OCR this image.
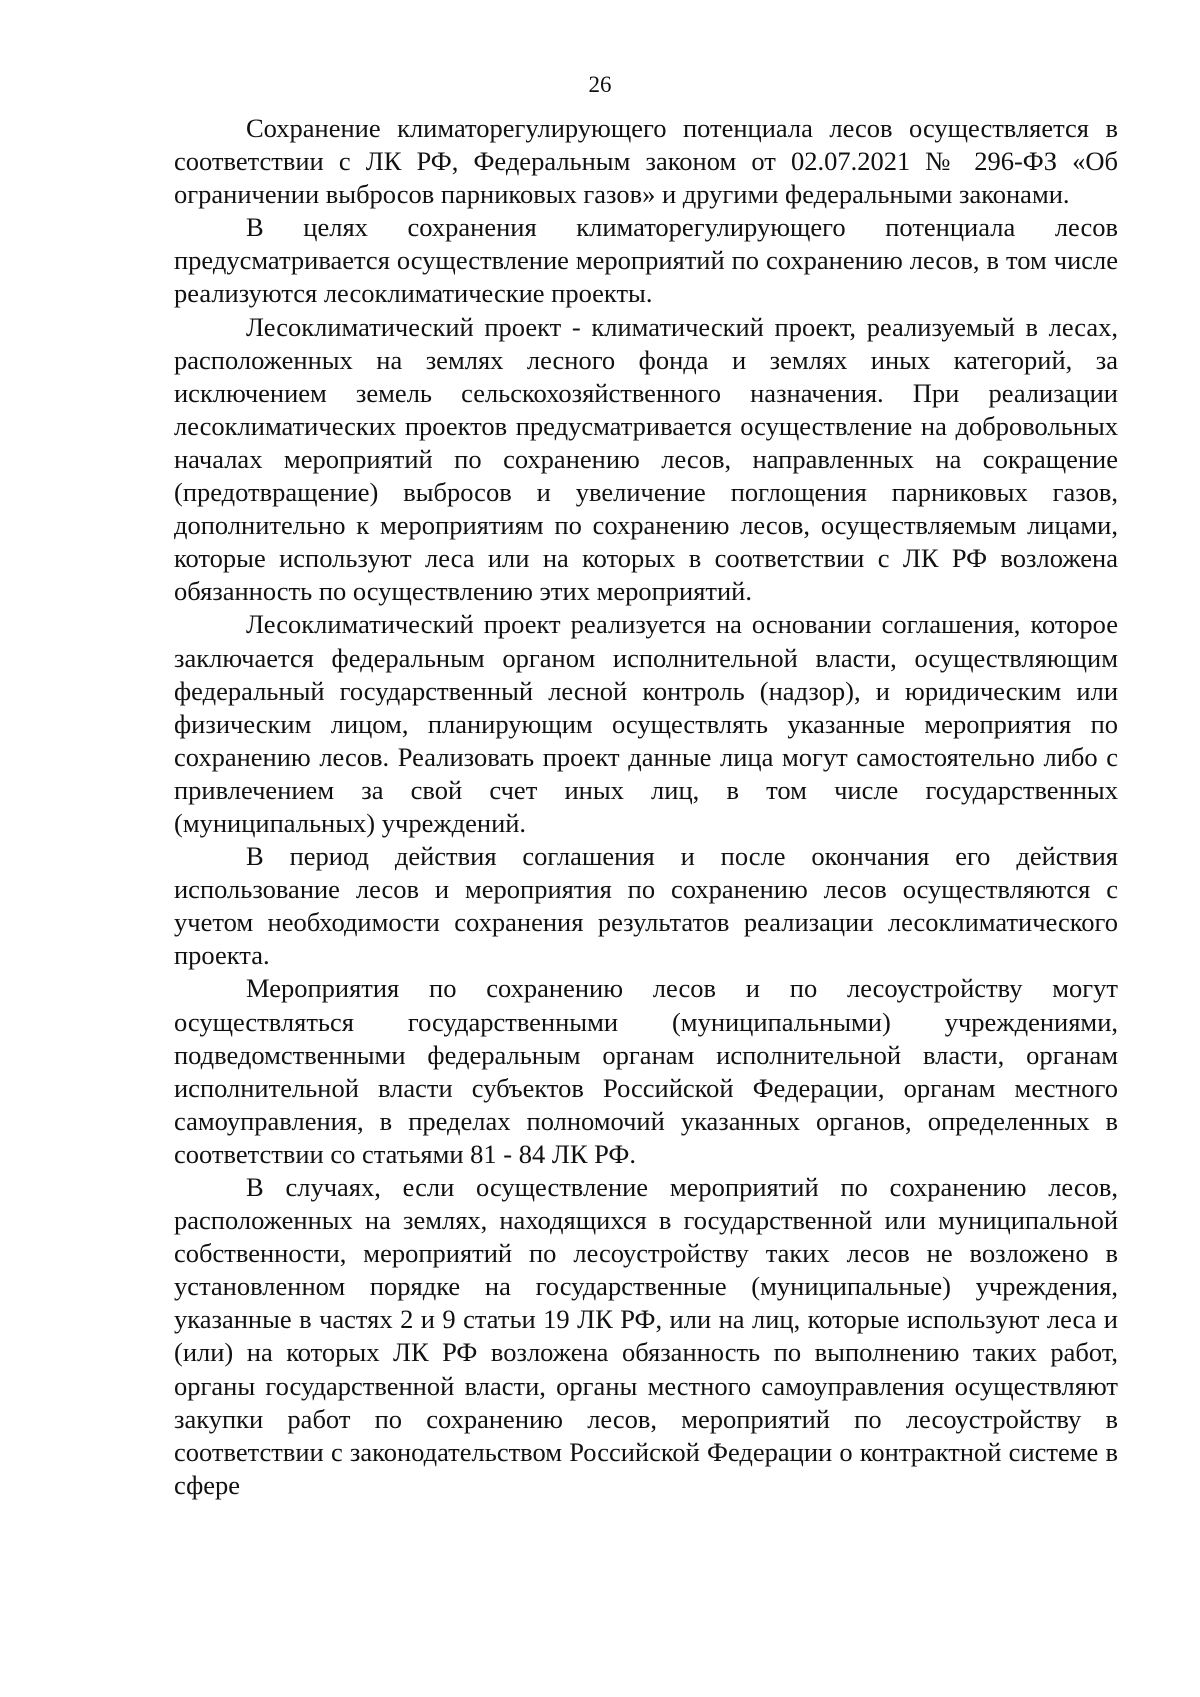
26

Сохранение климаторегулирующего потенциала лесов осуществляется в соответствии с ЛК РФ, Федеральным законом от 02.07.2021 № 296-ФЗ «Об ограничении выбросов парниковых газов» и другими федеральными законами.

В целях сохранения климаторегулирующего потенциала лесов предусматривается осуществление мероприятий по сохранению лесов, в том числе реализуются лесоклиматические проекты.

Лесоклиматический проект - климатический проект, реализуемый в лесах, расположенных на землях лесного фонда и землях иных категорий, за исключением земель сельскохозяйственного назначения. При реализации лесоклиматических проектов предусматривается осуществление на добровольных началах мероприятий по сохранению лесов, направленных на сокращение (предотвращение) выбросов и увеличение поглощения парниковых газов, дополнительно к мероприятиям по сохранению лесов, осуществляемым лицами, которые используют леса или на которых в соответствии с ЛК РФ возложена обязанность по осуществлению этих мероприятий.

Лесоклиматический проект реализуется на основании соглашения, которое заключается федеральным органом исполнительной власти, осуществляющим федеральный государственный лесной контроль (надзор), и юридическим или физическим лицом, планирующим осуществлять указанные мероприятия по сохранению лесов. Реализовать проект данные лица могут самостоятельно либо с привлечением за свой счет иных лиц, в том числе государственных (муниципальных) учреждений.

В период действия соглашения и после окончания его действия использование лесов и мероприятия по сохранению лесов осуществляются с учетом необходимости сохранения результатов реализации лесоклиматического проекта.

Мероприятия по сохранению лесов и по лесоустройству могут осуществляться государственными (муниципальными) учреждениями, подведомственными федеральным органам исполнительной власти, органам исполнительной власти субъектов Российской Федерации, органам местного самоуправления, в пределах полномочий указанных органов, определенных в соответствии со статьями 81 - 84 ЛК РФ.

В случаях, если осуществление мероприятий по сохранению лесов, расположенных на землях, находящихся в государственной или муниципальной собственности, мероприятий по лесоустройству таких лесов не возложено в установленном порядке на государственные (муниципальные) учреждения, указанные в частях 2 и 9 статьи 19 ЛК РФ, или на лиц, которые используют леса и (или) на которых ЛК РФ возложена обязанность по выполнению таких работ, органы государственной власти, органы местного самоуправления осуществляют закупки работ по сохранению лесов, мероприятий по лесоустройству в соответствии с законодательством Российской Федерации о контрактной системе в сфере
